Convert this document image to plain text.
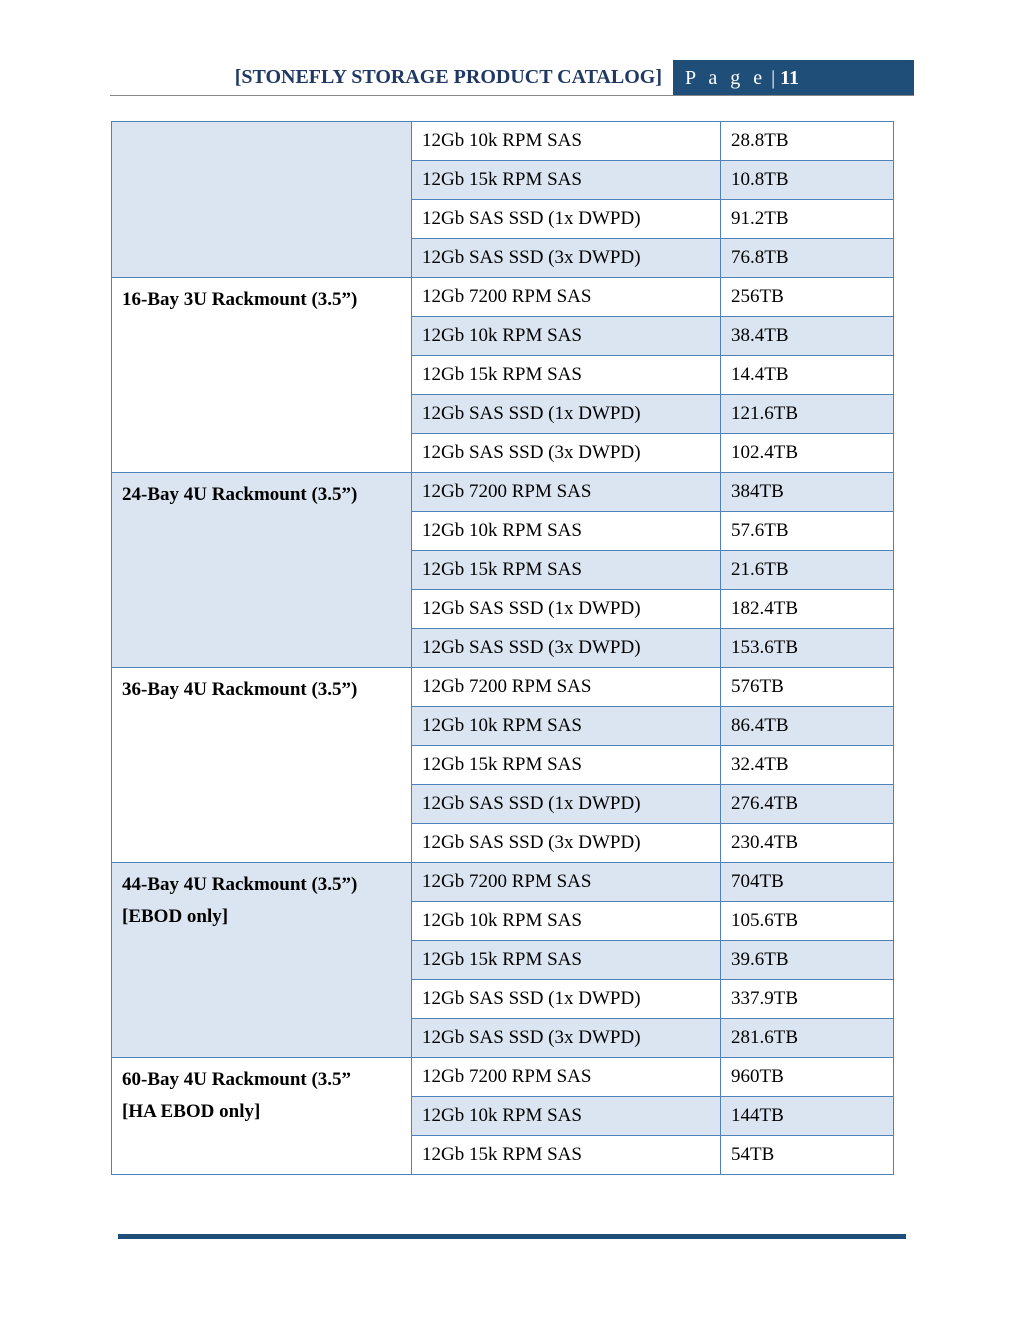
[STONEFLY STORAGE PRODUCT CATALOG]	P a g e | 11
	12Gb 10k RPM SAS	28.8TB
	12Gb 15k RPM SAS	10.8TB
	12Gb SAS SSD (1x DWPD)	91.2TB
	12Gb SAS SSD (3x DWPD)	76.8TB

16-Bay 3U Rackmount (3.5”)	12Gb 7200 RPM SAS	256TB
	12Gb 10k RPM SAS	38.4TB
	12Gb 15k RPM SAS	14.4TB
	12Gb SAS SSD (1x DWPD)	121.6TB
	12Gb SAS SSD (3x DWPD)	102.4TB

24-Bay 4U Rackmount (3.5”)	12Gb 7200 RPM SAS	384TB
	12Gb 10k RPM SAS	57.6TB
	12Gb 15k RPM SAS	21.6TB
	12Gb SAS SSD (1x DWPD)	182.4TB
	12Gb SAS SSD (3x DWPD)	153.6TB

36-Bay 4U Rackmount (3.5”)	12Gb 7200 RPM SAS	576TB
	12Gb 10k RPM SAS	86.4TB
	12Gb 15k RPM SAS	32.4TB
	12Gb SAS SSD (1x DWPD)	276.4TB
	12Gb SAS SSD (3x DWPD)	230.4TB

44-Bay 4U Rackmount (3.5”)
[EBOD only]	12Gb 7200 RPM SAS	704TB
	12Gb 10k RPM SAS	105.6TB
	12Gb 15k RPM SAS	39.6TB
	12Gb SAS SSD (1x DWPD)	337.9TB
	12Gb SAS SSD (3x DWPD)	281.6TB

60-Bay 4U Rackmount (3.5”
[HA EBOD only]	12Gb 7200 RPM SAS	960TB
	12Gb 10k RPM SAS	144TB
	12Gb 15k RPM SAS	54TB
